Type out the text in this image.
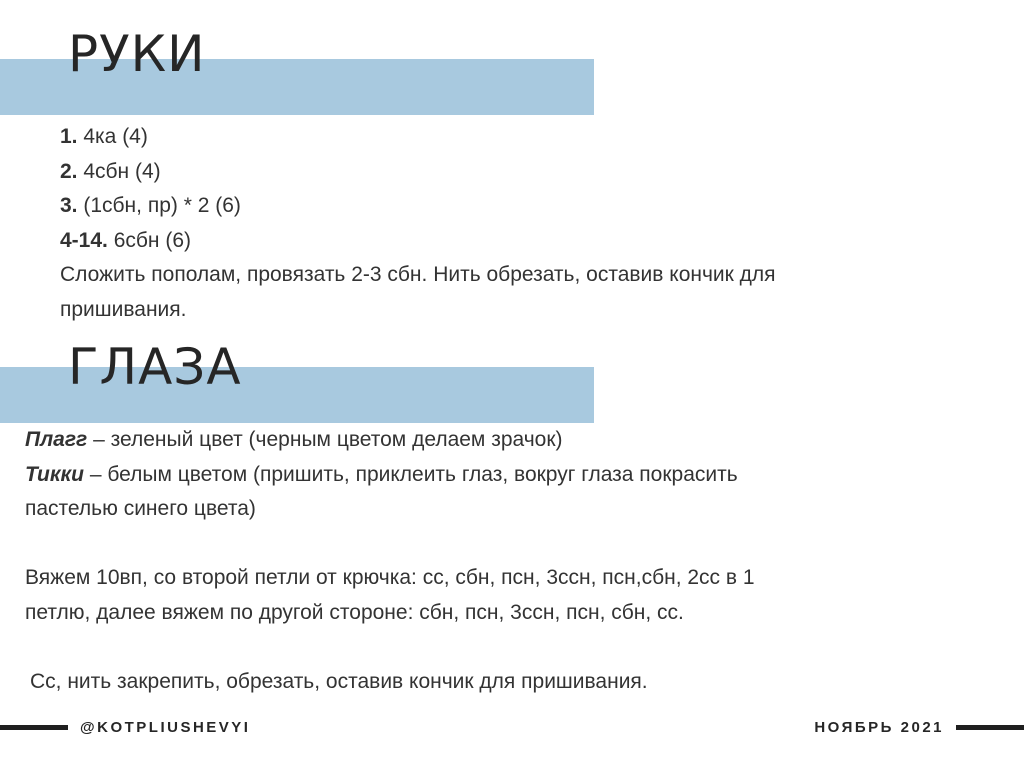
РУКИ
1. 4ка (4)
2. 4сбн (4)
3. (1сбн, пр) * 2 (6)
4-14. 6сбн (6)
Сложить пополам, провязать 2-3 сбн. Нить обрезать, оставив кончик для
пришивания.
ГЛАЗА
Плагг – зеленый цвет (черным цветом делаем зрачок)
Тикки – белым цветом (пришить, приклеить глаз, вокруг глаза покрасить
пастелью синего цвета)
Вяжем 10вп, со второй петли от крючка: сс, сбн, псн, 3ссн, псн,сбн, 2сс в 1
петлю, далее вяжем по другой стороне: сбн, псн, 3ссн, псн, сбн, сс.
Сс, нить закрепить, обрезать, оставив кончик для пришивания.
@KOTPLIUSHEVYI	НОЯБРЬ 2021
